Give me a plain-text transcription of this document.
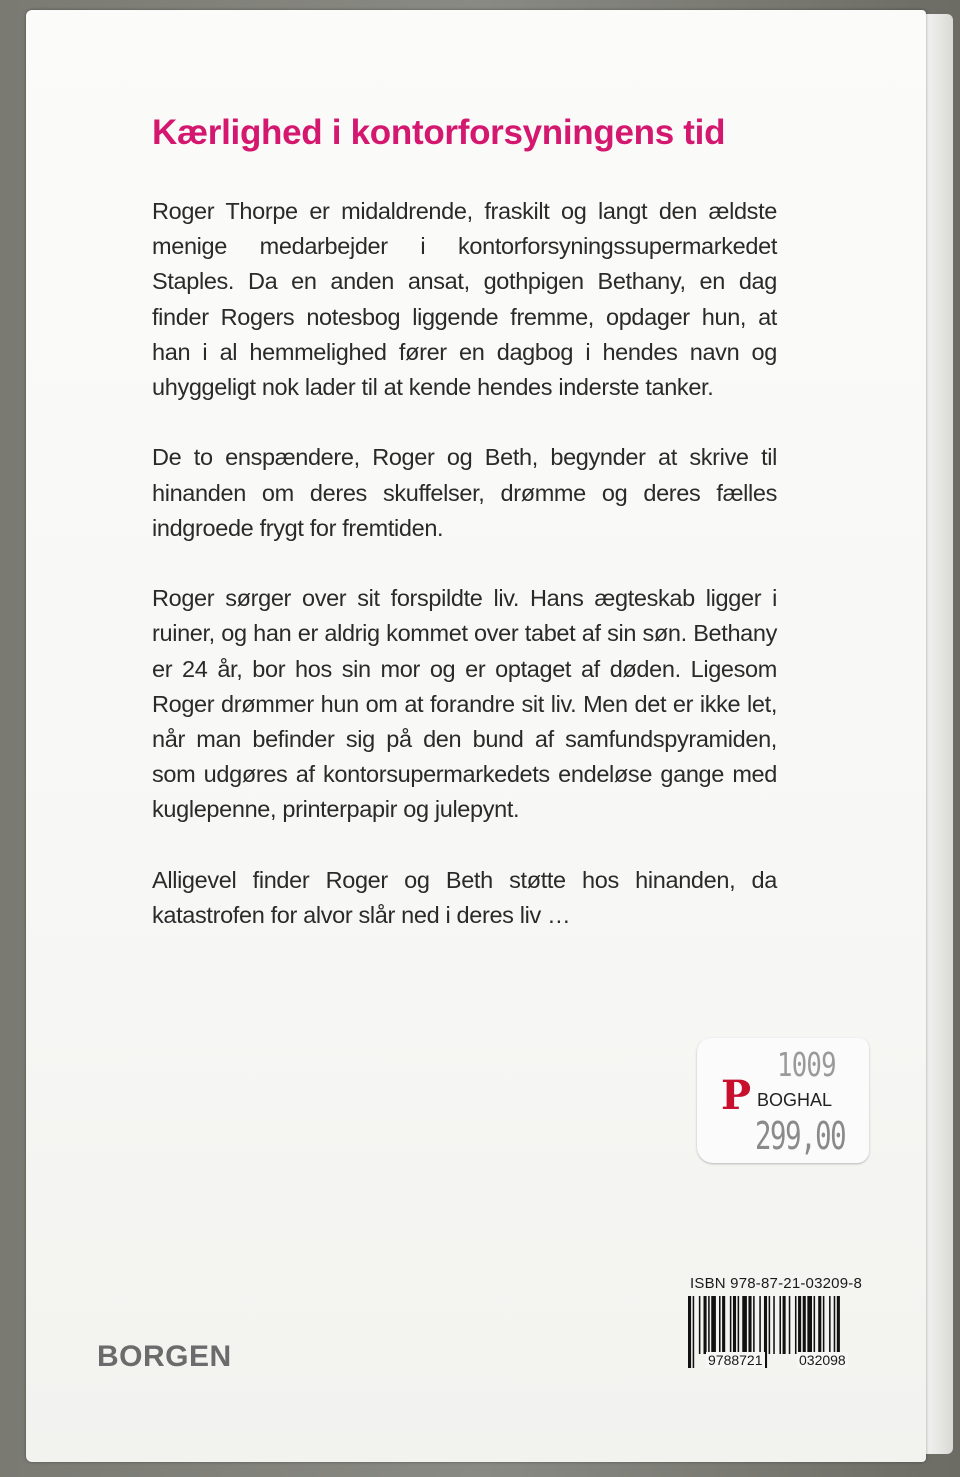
Kærlighed i kontorforsyningens tid

Roger Thorpe er midaldrende, fraskilt og langt den ældste menige medarbejder i kontorforsyningssupermarkedet Staples. Da en anden ansat, gothpigen Bethany, en dag finder Rogers notesbog liggende fremme, opdager hun, at han i al hemmelighed fører en dagbog i hendes navn og uhyggeligt nok lader til at kende hendes inderste tanker.

De to enspændere, Roger og Beth, begynder at skrive til hinanden om deres skuffelser, drømme og deres fælles indgroede frygt for fremtiden.

Roger sørger over sit forspildte liv. Hans ægteskab ligger i ruiner, og han er aldrig kommet over tabet af sin søn. Bethany er 24 år, bor hos sin mor og er optaget af døden. Ligesom Roger drømmer hun om at forandre sit liv. Men det er ikke let, når man befinder sig på den bund af samfundspyramiden, som udgøres af kontorsupermarkedets endeløse gange med kuglepenne, printerpapir og julepynt.

Alligevel finder Roger og Beth støtte hos hinanden, da katastrofen for alvor slår ned i deres liv …

1009
P BOGHAL
299,00
ISBN 978-87-21-03209-8
9788721	032098
BORGEN
